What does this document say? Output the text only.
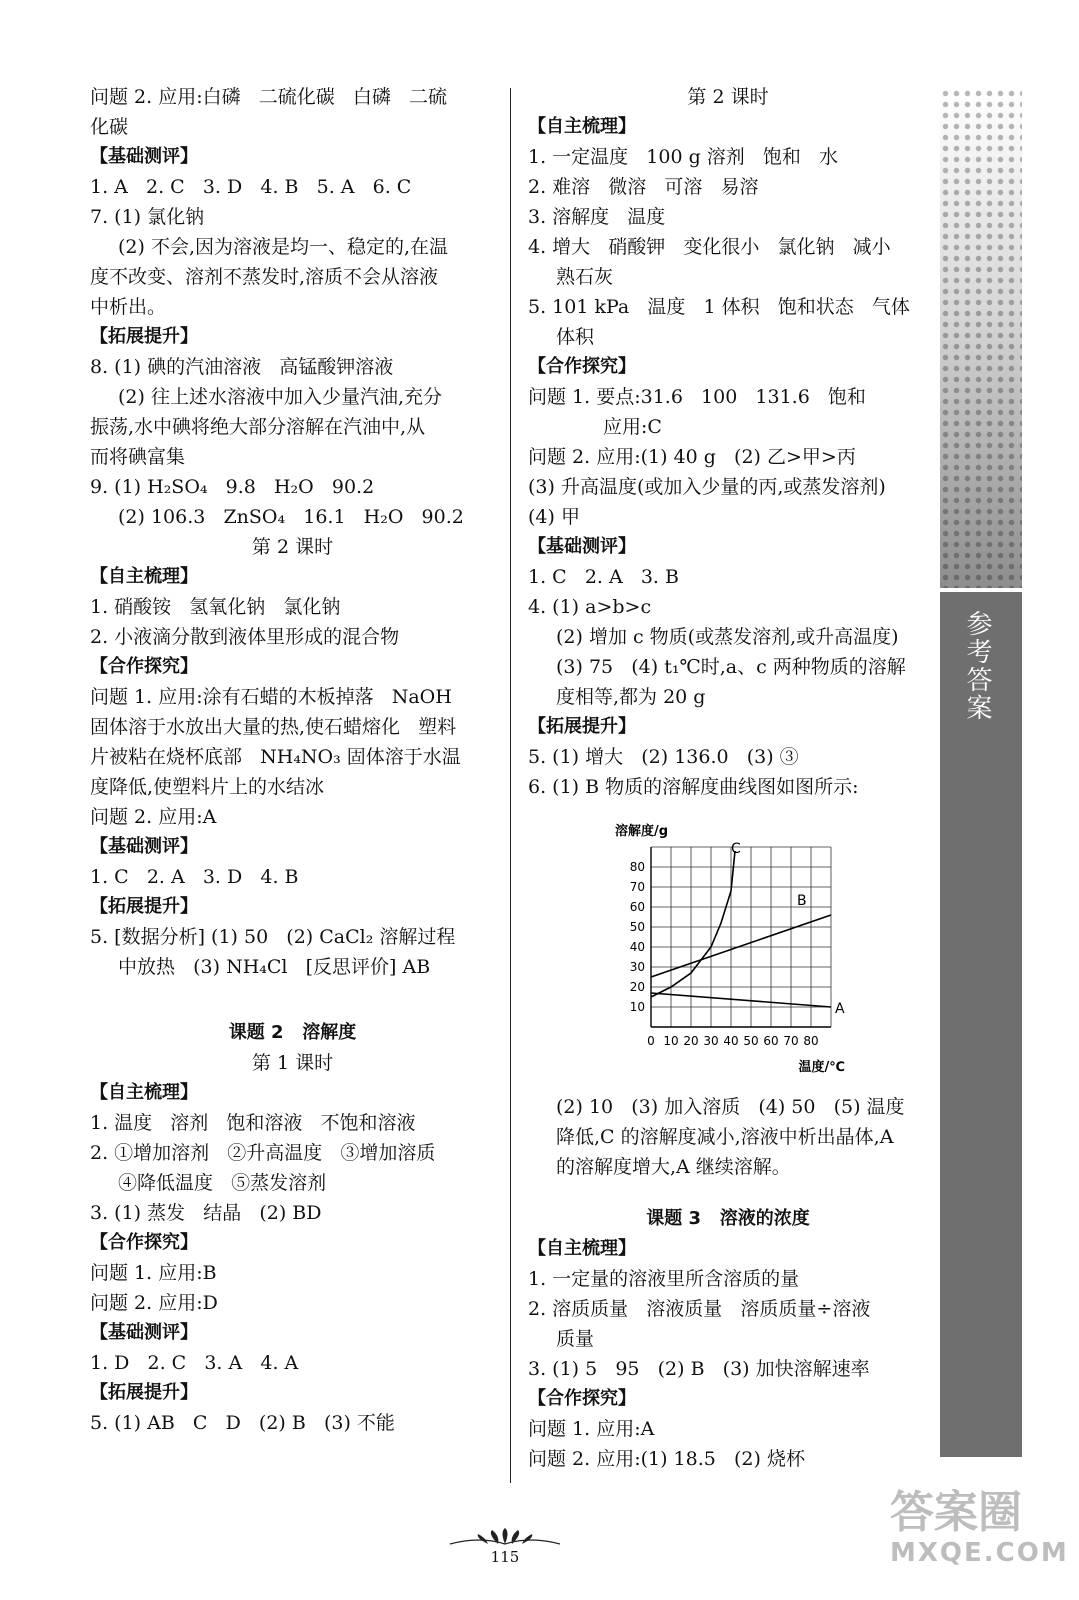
问题 2. 应用:白磷   二硫化碳   白磷   二硫
化碳
【基础测评】
1. A   2. C   3. D   4. B   5. A   6. C
7. (1) 氯化钠
(2) 不会,因为溶液是均一、稳定的,在温
度不改变、溶剂不蒸发时,溶质不会从溶液
中析出。
【拓展提升】
8. (1) 碘的汽油溶液   高锰酸钾溶液
(2) 往上述水溶液中加入少量汽油,充分
振荡,水中碘将绝大部分溶解在汽油中,从
而将碘富集
9. (1) H₂SO₄   9.8   H₂O   90.2
(2) 106.3   ZnSO₄   16.1   H₂O   90.2
第 2 课时
【自主梳理】
1. 硝酸铵   氢氧化钠   氯化钠
2. 小液滴分散到液体里形成的混合物
【合作探究】
问题 1. 应用:涂有石蜡的木板掉落   NaOH
固体溶于水放出大量的热,使石蜡熔化   塑料
片被粘在烧杯底部   NH₄NO₃ 固体溶于水温
度降低,使塑料片上的水结冰
问题 2. 应用:A
【基础测评】
1. C   2. A   3. D   4. B
【拓展提升】
5. [数据分析] (1) 50   (2) CaCl₂ 溶解过程
中放热   (3) NH₄Cl   [反思评价] AB
课题 2   溶解度
第 1 课时
【自主梳理】
1. 温度   溶剂   饱和溶液   不饱和溶液
2. ①增加溶剂   ②升高温度   ③增加溶质
④降低温度   ⑤蒸发溶剂
3. (1) 蒸发   结晶   (2) BD
【合作探究】
问题 1. 应用:B
问题 2. 应用:D
【基础测评】
1. D   2. C   3. A   4. A
【拓展提升】
5. (1) AB   C   D   (2) B   (3) 不能
第 2 课时
【自主梳理】
1. 一定温度   100 g 溶剂   饱和   水
2. 难溶   微溶   可溶   易溶
3. 溶解度   温度
4. 增大   硝酸钾   变化很小   氯化钠   减小
熟石灰
5. 101 kPa   温度   1 体积   饱和状态   气体
体积
【合作探究】
问题 1. 要点:31.6   100   131.6   饱和
应用:C
问题 2. 应用:(1) 40 g   (2) 乙>甲>丙
(3) 升高温度(或加入少量的丙,或蒸发溶剂)
(4) 甲
【基础测评】
1. C   2. A   3. B
4. (1) a>b>c
(2) 增加 c 物质(或蒸发溶剂,或升高温度)
(3) 75   (4) t₁℃时,a、c 两种物质的溶解
度相等,都为 20 g
【拓展提升】
5. (1) 增大   (2) 136.0   (3) ③
6. (1) B 物质的溶解度曲线图如图所示:
0 10 20 30 40 50 60 70 80
10
20
30
40
50
60
70
80
溶解度/g
温度/℃
C
B
A
(2) 10   (3) 加入溶质   (4) 50   (5) 温度
降低,C 的溶解度减小,溶液中析出晶体,A
的溶解度增大,A 继续溶解。
课题 3   溶液的浓度
【自主梳理】
1. 一定量的溶液里所含溶质的量
2. 溶质质量   溶液质量   溶质质量÷溶液
质量
3. (1) 5   95   (2) B   (3) 加快溶解速率
【合作探究】
问题 1. 应用:A
问题 2. 应用:(1) 18.5   (2) 烧杯
参考答案
115
答案圈
MXQE.COM
